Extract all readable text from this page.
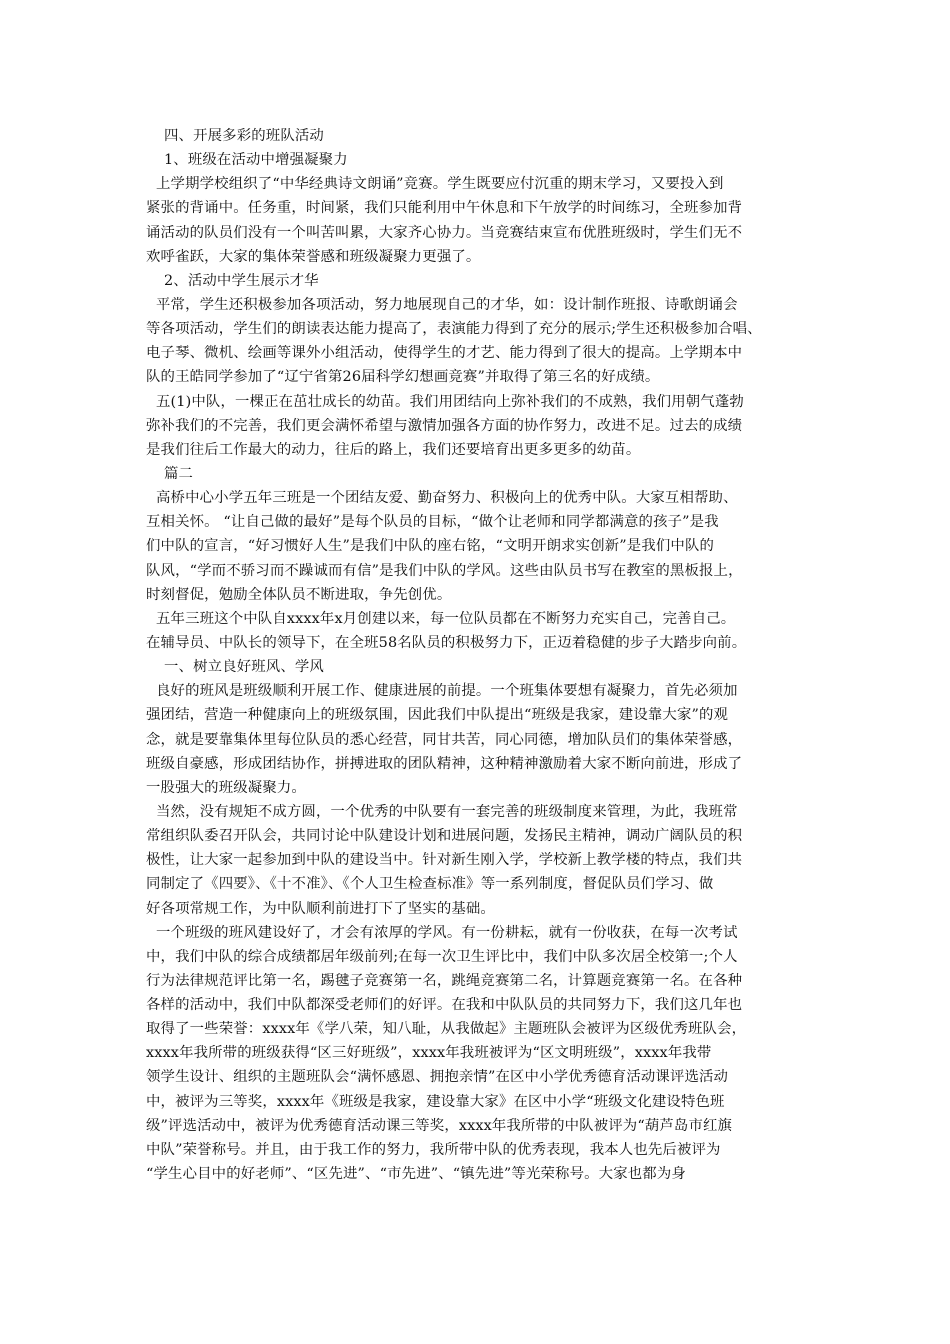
四、开展多彩的班队活动
1、班级在活动中增强凝聚力
上学期学校组织了“中华经典诗文朗诵”竞赛。学生既要应付沉重的期末学习，又要投入到
紧张的背诵中。任务重，时间紧，我们只能利用中午休息和下午放学的时间练习，全班参加背
诵活动的队员们没有一个叫苦叫累，大家齐心协力。当竞赛结束宣布优胜班级时，学生们无不
欢呼雀跃，大家的集体荣誉感和班级凝聚力更强了。
2、活动中学生展示才华
平常，学生还积极参加各项活动，努力地展现自己的才华，如：设计制作班报、诗歌朗诵会
等各项活动，学生们的朗读表达能力提高了，表演能力得到了充分的展示;学生还积极参加合唱、
电子琴、微机、绘画等课外小组活动，使得学生的才艺、能力得到了很大的提高。上学期本中
队的王皓同学参加了“辽宁省第26届科学幻想画竞赛”并取得了第三名的好成绩。
五(1)中队，一棵正在茁壮成长的幼苗。我们用团结向上弥补我们的不成熟，我们用朝气蓬勃
弥补我们的不完善，我们更会满怀希望与激情加强各方面的协作努力，改进不足。过去的成绩
是我们往后工作最大的动力，往后的路上，我们还要培育出更多更多的幼苗。
篇二
高桥中心小学五年三班是一个团结友爱、勤奋努力、积极向上的优秀中队。大家互相帮助、
互相关怀。 “让自己做的最好”是每个队员的目标，“做个让老师和同学都满意的孩子”是我
们中队的宣言，“好习惯好人生”是我们中队的座右铭，“文明开朗求实创新”是我们中队的
队风，“学而不骄习而不躁诚而有信”是我们中队的学风。这些由队员书写在教室的黑板报上，
时刻督促，勉励全体队员不断进取，争先创优。
五年三班这个中队自xxxx年x月创建以来，每一位队员都在不断努力充实自己，完善自己。
在辅导员、中队长的领导下，在全班58名队员的积极努力下，正迈着稳健的步子大踏步向前。
一、树立良好班风、学风
良好的班风是班级顺利开展工作、健康进展的前提。一个班集体要想有凝聚力，首先必须加
强团结，营造一种健康向上的班级氛围，因此我们中队提出“班级是我家，建设靠大家”的观
念，就是要靠集体里每位队员的悉心经营，同甘共苦，同心同德，增加队员们的集体荣誉感，
班级自豪感，形成团结协作，拼搏进取的团队精神，这种精神激励着大家不断向前进，形成了
一股强大的班级凝聚力。
当然，没有规矩不成方圆，一个优秀的中队要有一套完善的班级制度来管理，为此，我班常
常组织队委召开队会，共同讨论中队建设计划和进展问题，发扬民主精神，调动广阔队员的积
极性，让大家一起参加到中队的建设当中。针对新生刚入学，学校新上教学楼的特点，我们共
同制定了《四要》、《十不准》、《个人卫生检查标准》等一系列制度，督促队员们学习、做
好各项常规工作，为中队顺利前进打下了坚实的基础。
一个班级的班风建设好了，才会有浓厚的学风。有一份耕耘，就有一份收获，在每一次考试
中，我们中队的综合成绩都居年级前列;在每一次卫生评比中，我们中队多次居全校第一;个人
行为法律规范评比第一名，踢毽子竞赛第一名，跳绳竞赛第二名，计算题竞赛第一名。在各种
各样的活动中，我们中队都深受老师们的好评。在我和中队队员的共同努力下，我们这几年也
取得了一些荣誉：xxxx年《学八荣，知八耻，从我做起》主题班队会被评为区级优秀班队会，
xxxx年我所带的班级获得“区三好班级”，xxxx年我班被评为“区文明班级”，xxxx年我带
领学生设计、组织的主题班队会“满怀感恩、拥抱亲情”在区中小学优秀德育活动课评选活动
中，被评为三等奖，xxxx年《班级是我家，建设靠大家》在区中小学“班级文化建设特色班
级”评选活动中，被评为优秀德育活动课三等奖，xxxx年我所带的中队被评为“葫芦岛市红旗
中队”荣誉称号。并且，由于我工作的努力，我所带中队的优秀表现，我本人也先后被评为
“学生心目中的好老师”、“区先进”、“市先进”、“镇先进”等光荣称号。大家也都为身
